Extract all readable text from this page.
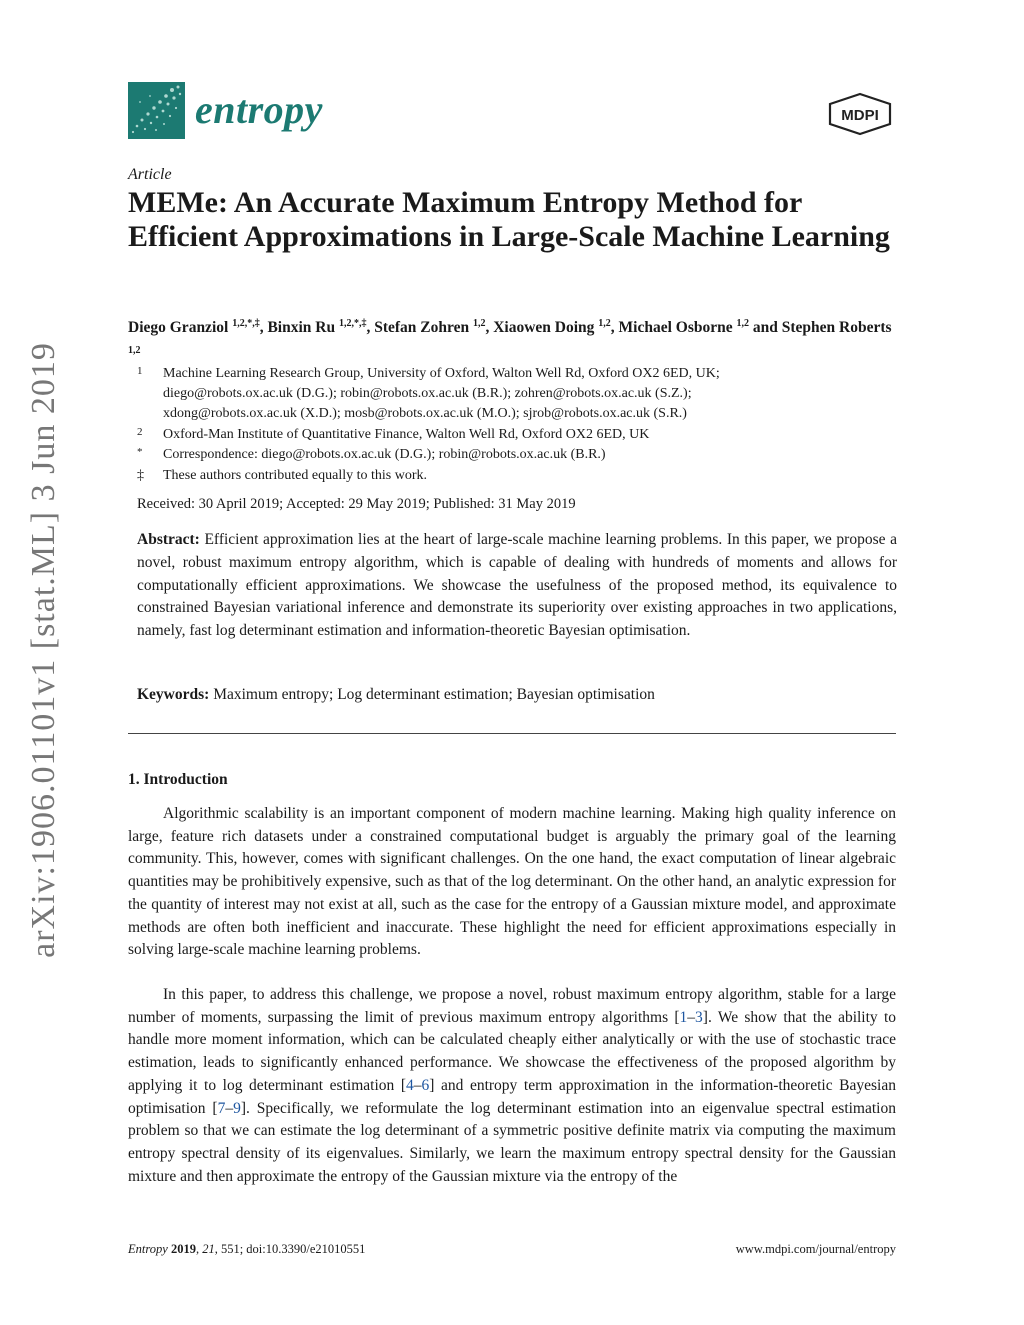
entropy	MDPI
arXiv:1906.01101v1 [stat.ML] 3 Jun 2019
Article
MEMe: An Accurate Maximum Entropy Method for Efficient Approximations in Large-Scale Machine Learning
Diego Granziol $^{1,2,*,\ddagger}$, Binxin Ru $^{1,2,*,\ddagger}$, Stefan Zohren $^{1,2}$, Xiaowen Doing $^{1,2}$, Michael Osborne $^{1,2}$ and Stephen Roberts $^{1,2}$
1 Machine Learning Research Group, University of Oxford, Walton Well Rd, Oxford OX2 6ED, UK;
diego@robots.ox.ac.uk (D.G.); robin@robots.ox.ac.uk (B.R.); zohren@robots.ox.ac.uk (S.Z.);
xdong@robots.ox.ac.uk (X.D.); mosb@robots.ox.ac.uk (M.O.); sjrob@robots.ox.ac.uk (S.R.)
2 Oxford-Man Institute of Quantitative Finance, Walton Well Rd, Oxford OX2 6ED, UK
* Correspondence: diego@robots.ox.ac.uk (D.G.); robin@robots.ox.ac.uk (B.R.)
‡ These authors contributed equally to this work.
Received: 30 April 2019; Accepted: 29 May 2019; Published: 31 May 2019
Abstract: Efficient approximation lies at the heart of large-scale machine learning problems. In this paper, we propose a novel, robust maximum entropy algorithm, which is capable of dealing with hundreds of moments and allows for computationally efficient approximations. We showcase the usefulness of the proposed method, its equivalence to constrained Bayesian variational inference and demonstrate its superiority over existing approaches in two applications, namely, fast log determinant estimation and information-theoretic Bayesian optimisation.
Keywords: Maximum entropy; Log determinant estimation; Bayesian optimisation
1. Introduction

Algorithmic scalability is an important component of modern machine learning. Making high quality inference on large, feature rich datasets under a constrained computational budget is arguably the primary goal of the learning community. This, however, comes with significant challenges. On the one hand, the exact computation of linear algebraic quantities may be prohibitively expensive, such as that of the log determinant. On the other hand, an analytic expression for the quantity of interest may not exist at all, such as the case for the entropy of a Gaussian mixture model, and approximate methods are often both inefficient and inaccurate. These highlight the need for efficient approximations especially in solving large-scale machine learning problems.

In this paper, to address this challenge, we propose a novel, robust maximum entropy algorithm, stable for a large number of moments, surpassing the limit of previous maximum entropy algorithms [1–3]. We show that the ability to handle more moment information, which can be calculated cheaply either analytically or with the use of stochastic trace estimation, leads to significantly enhanced performance. We showcase the effectiveness of the proposed algorithm by applying it to log determinant estimation [4–6] and entropy term approximation in the information-theoretic Bayesian optimisation [7–9]. Specifically, we reformulate the log determinant estimation into an eigenvalue spectral estimation problem so that we can estimate the log determinant of a symmetric positive definite matrix via computing the maximum entropy spectral density of its eigenvalues. Similarly, we learn the maximum entropy spectral density for the Gaussian mixture and then approximate the entropy of the Gaussian mixture via the entropy of the

Entropy 2019, 21, 551; doi:10.3390/e21010551	www.mdpi.com/journal/entropy
